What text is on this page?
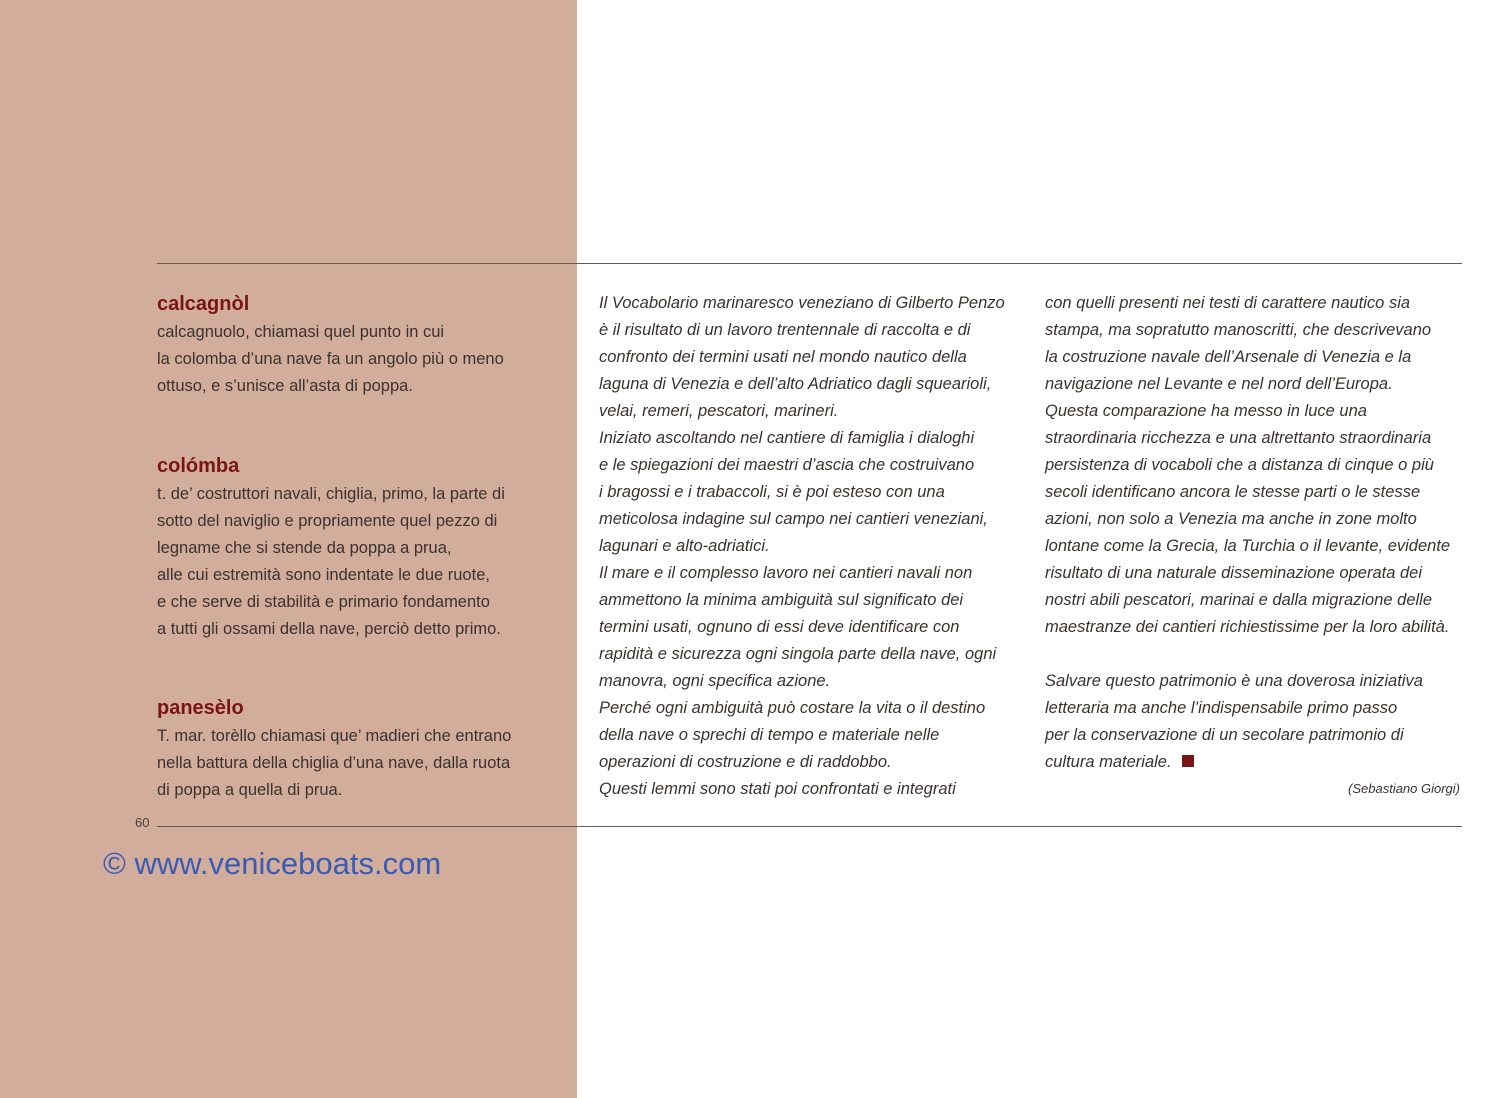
calcagnòl
calcagnuolo, chiamasi quel punto in cui
la colomba d’una nave fa un angolo più o meno
ottuso, e s’unisce all’asta di poppa.
colómba
t. de’ costruttori navali, chiglia, primo, la parte di
sotto del naviglio e propriamente quel pezzo di
legname che si stende da poppa a prua,
alle cui estremità sono indentate le due ruote,
e che serve di stabilità e primario fondamento
a tutti gli ossami della nave, perciò detto primo.
panesèlo
T. mar. torèllo chiamasi que’ madieri che entrano
nella battura della chiglia d’una nave, dalla ruota
di poppa a quella di prua.
Il Vocabolario marinaresco veneziano di Gilberto Penzo
è il risultato di un lavoro trentennale di raccolta e di
confronto dei termini usati nel mondo nautico della
laguna di Venezia e dell’alto Adriatico dagli squearioli,
velai, remeri, pescatori, marineri.
Iniziato ascoltando nel cantiere di famiglia i dialoghi
e le spiegazioni dei maestri d’ascia che costruivano
i bragossi e i trabaccoli, si è poi esteso con una
meticolosa indagine sul campo nei cantieri veneziani,
lagunari e alto-adriatici.
Il mare e il complesso lavoro nei cantieri navali non
ammettono la minima ambiguità sul significato dei
termini usati, ognuno di essi deve identificare con
rapidità e sicurezza ogni singola parte della nave, ogni
manovra, ogni specifica azione.
Perché ogni ambiguità può costare la vita o il destino
della nave o sprechi di tempo e materiale nelle
operazioni di costruzione e di raddobbo.
Questi lemmi sono stati poi confrontati e integrati
con quelli presenti nei testi di carattere nautico sia
stampa, ma sopratutto manoscritti, che descrivevano
la costruzione navale dell’Arsenale di Venezia e la
navigazione nel Levante e nel nord dell’Europa.
Questa comparazione ha messo in luce una
straordinaria ricchezza e una altrettanto straordinaria
persistenza di vocaboli che a distanza di cinque o più
secoli identificano ancora le stesse parti o le stesse
azioni, non solo a Venezia ma anche in zone molto
lontane come la Grecia, la Turchia o il levante, evidente
risultato di una naturale disseminazione operata dei
nostri abili pescatori, marinai e dalla migrazione delle
maestranze dei cantieri richiestissime per la loro abilità.

Salvare questo patrimonio è una doverosa iniziativa
letteraria ma anche l’indispensabile primo passo
per la conservazione di un secolare patrimonio di
cultura materiale.
(Sebastiano Giorgi)
60
© www.veniceboats.com
